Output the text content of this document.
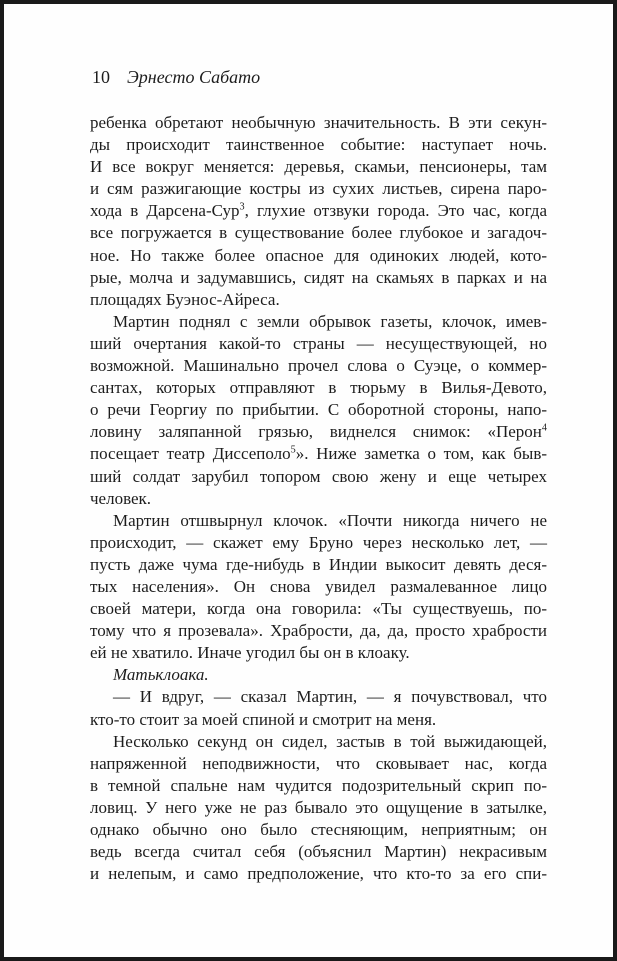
10 Эрнесто Сабато

ребенка обретают необычную значительность. В эти секун-
ды происходит таинственное событие: наступает ночь.
И все вокруг меняется: деревья, скамьи, пенсионеры, там
и сям разжигающие костры из сухих листьев, сирена паро-
хода в Дарсена-Сур$^3$, глухие отзвуки города. Это час, когда
все погружается в существование более глубокое и загадоч-
ное. Но также более опасное для одиноких людей, кото-
рые, молча и задумавшись, сидят на скамьях в парках и на
площадях Буэнос-Айреса.

Мартин поднял с земли обрывок газеты, клочок, имев-
ший очертания какой-то страны — несуществующей, но
возможной. Машинально прочел слова о Суэце, о коммер-
сантах, которых отправляют в тюрьму в Вилья-Девото,
о речи Георгиу по прибытии. С оборотной стороны, напо-
ловину заляпанной грязью, виднелся снимок: «Перон$^4$
посещает театр Диссеполо$^5$». Ниже заметка о том, как быв-
ший солдат зарубил топором свою жену и еще четырех
человек.

Мартин отшвырнул клочок. «Почти никогда ничего не
происходит, — скажет ему Бруно через несколько лет, —
пусть даже чума где-нибудь в Индии выкосит девять деся-
тых населения». Он снова увидел размалеванное лицо
своей матери, когда она говорила: «Ты существуешь, по-
тому что я прозевала». Храбрости, да, да, просто храбрости
ей не хватило. Иначе угодил бы он в клоаку.

Матьклоака.

— И вдруг, — сказал Мартин, — я почувствовал, что
кто-то стоит за моей спиной и смотрит на меня.

Несколько секунд он сидел, застыв в той выжидающей,
напряженной неподвижности, что сковывает нас, когда
в темной спальне нам чудится подозрительный скрип по-
ловиц. У него уже не раз бывало это ощущение в затылке,
однако обычно оно было стесняющим, неприятным; он
ведь всегда считал себя (объяснил Мартин) некрасивым
и нелепым, и само предположение, что кто-то за его спи-
